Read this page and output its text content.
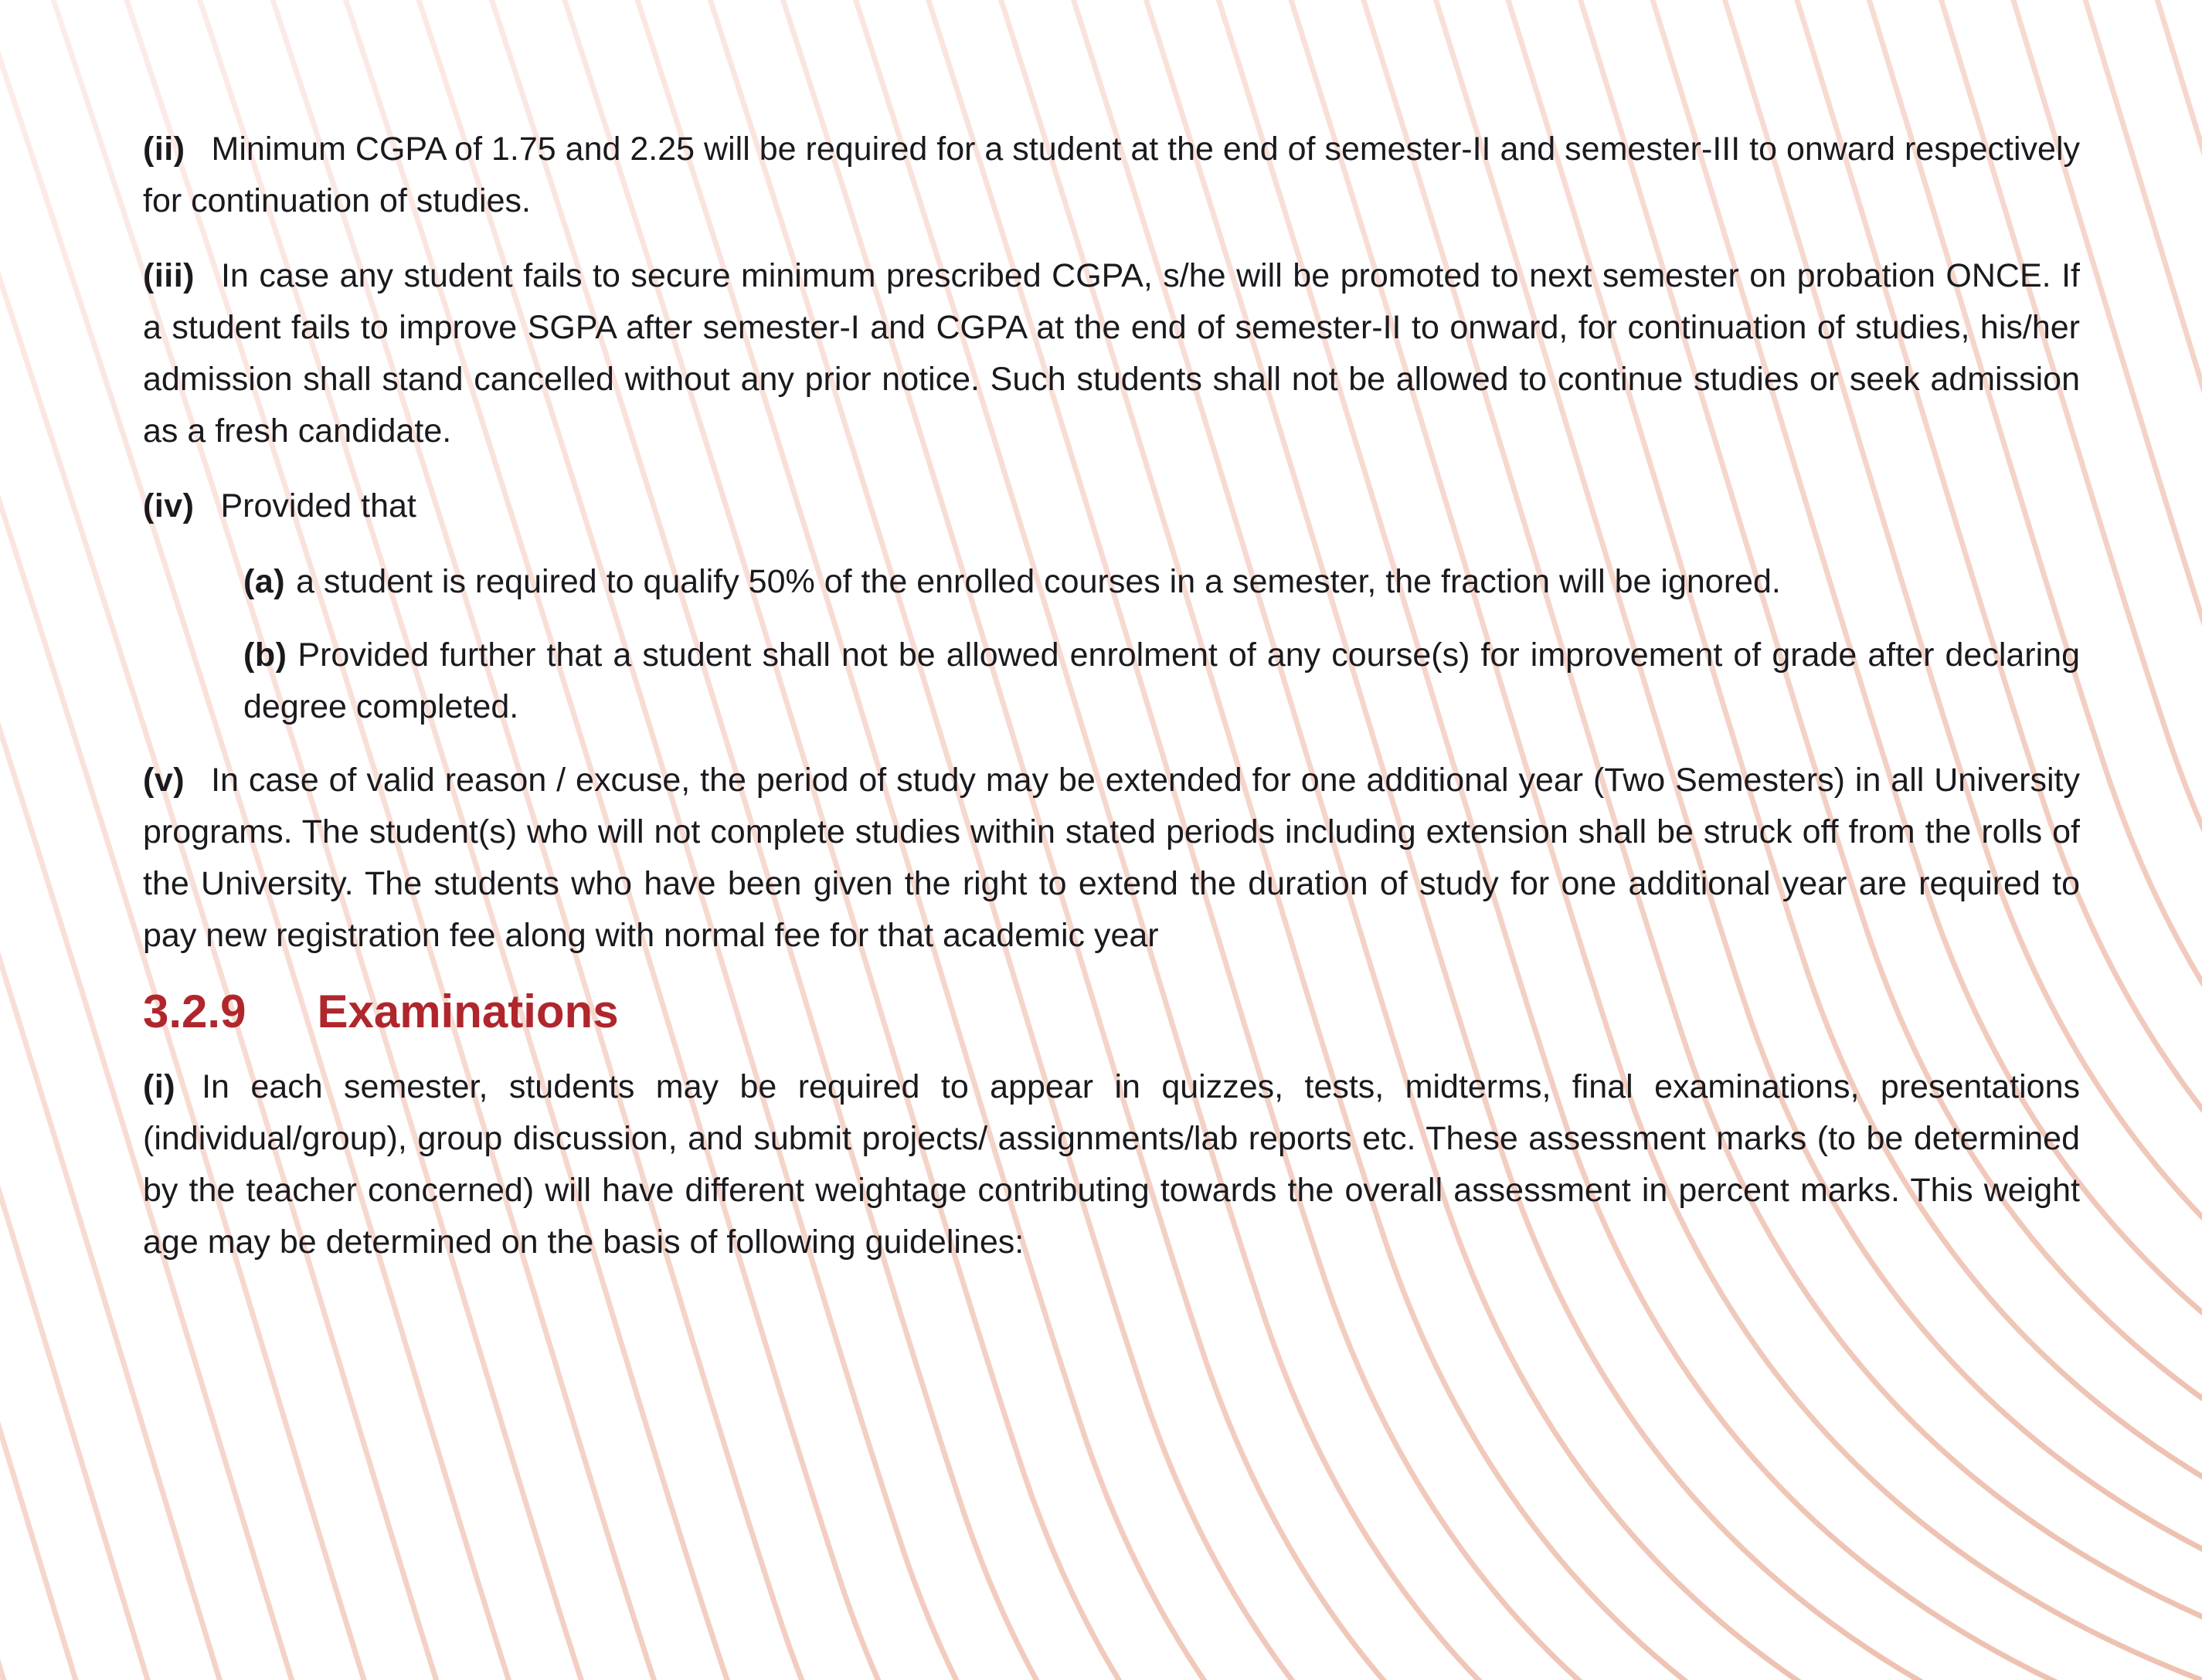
(ii) Minimum CGPA of 1.75 and 2.25 will be required for a student at the end of semester-II and semester-III to onward respectively for continuation of studies.

(iii) In case any student fails to secure minimum prescribed CGPA, s/he will be promoted to next semester on probation ONCE. If a student fails to improve SGPA after semester-I and CGPA at the end of semester-II to onward, for continuation of studies, his/her admission shall stand cancelled without any prior notice. Such students shall not be allowed to continue studies or seek admission as a fresh candidate.

(iv) Provided that

(a) a student is required to qualify 50% of the enrolled courses in a semester, the fraction will be ignored.

(b) Provided further that a student shall not be allowed enrolment of any course(s) for improvement of grade after declaring degree completed.

(v) In case of valid reason / excuse, the period of study may be extended for one additional year (Two Semesters) in all University programs. The student(s) who will not complete studies within stated periods including extension shall be struck off from the rolls of the University. The students who have been given the right to extend the duration of study for one additional year are required to pay new registration fee along with normal fee for that academic year

3.2.9 Examinations

(i) In each semester, students may be required to appear in quizzes, tests, midterms, final examinations, presentations (individual/group), group discussion, and submit projects/ assignments/lab reports etc. These assessment marks (to be determined by the teacher concerned) will have different weightage contributing towards the overall assessment in percent marks. This weight age may be determined on the basis of following guidelines:
